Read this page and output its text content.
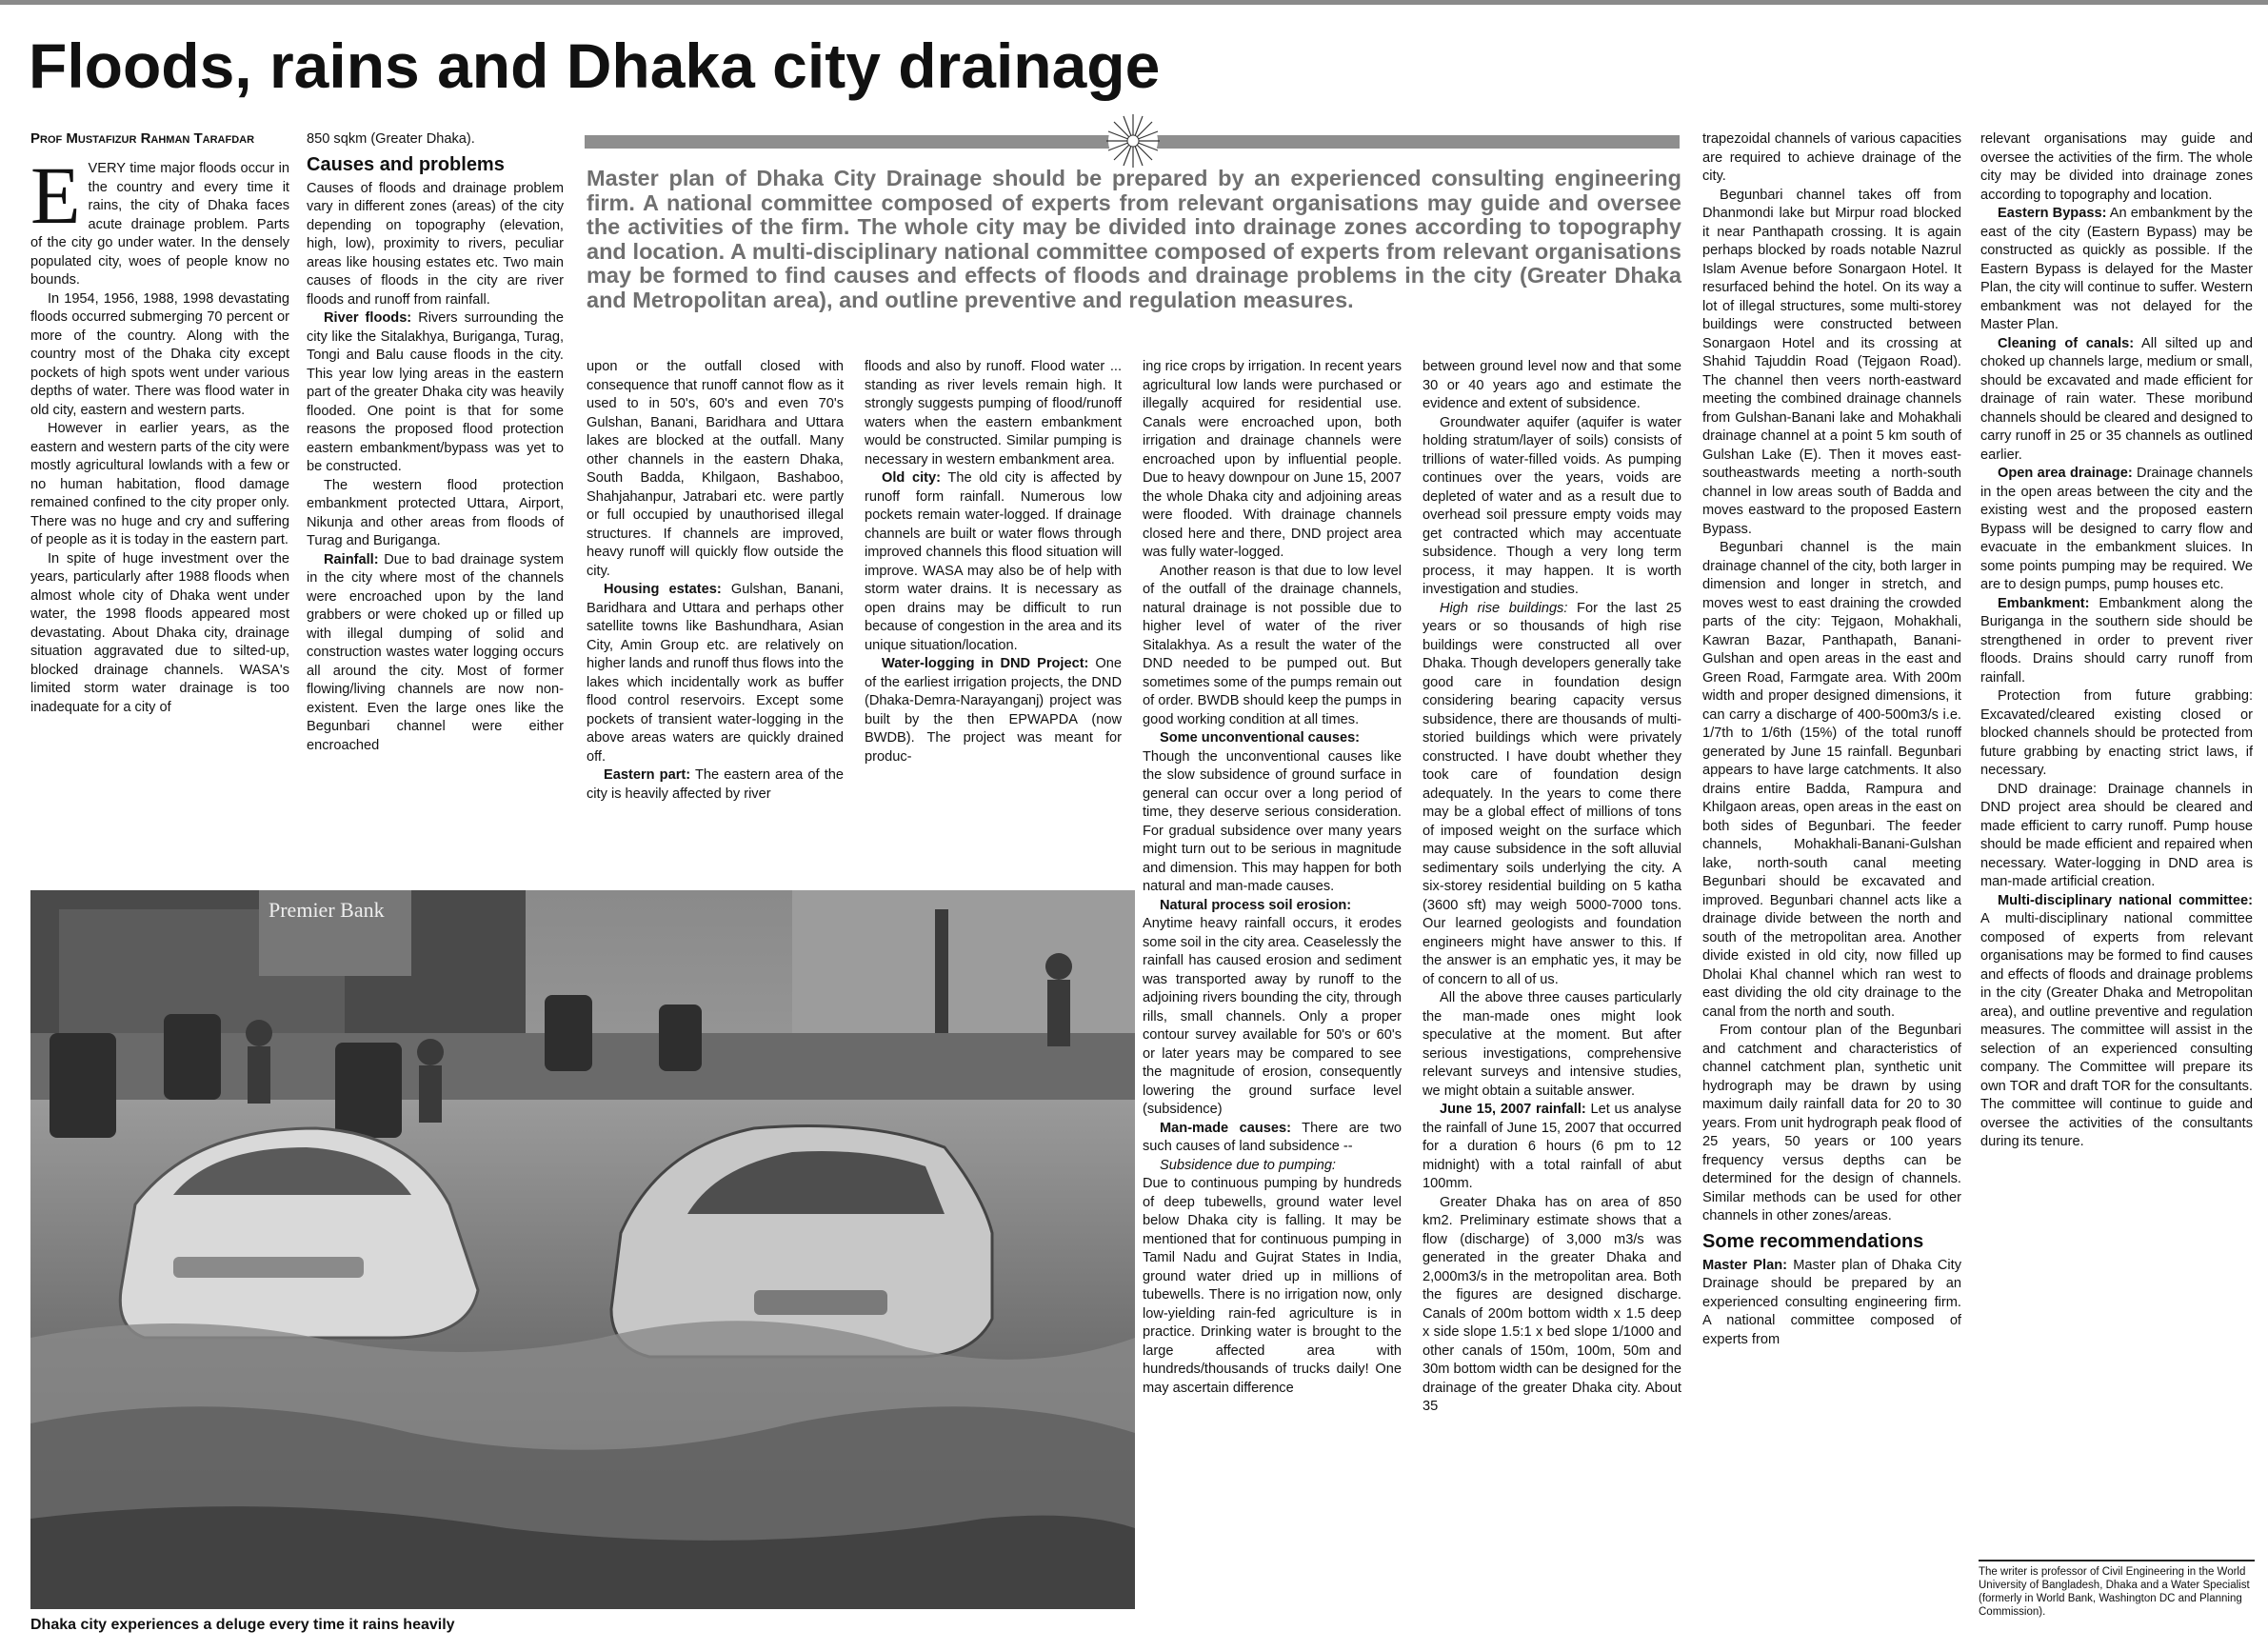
Floods, rains and Dhaka city drainage
Prof Mustafizur Rahman Tarafdar
E VERY time major floods occur in the country and every time it rains, the city of Dhaka faces acute drainage problem. Parts of the city go under water. In the densely populated city, woes of people know no bounds.

In 1954, 1956, 1988, 1998 devastating floods occurred submerging 70 percent or more of the country. Along with the country most of the Dhaka city except pockets of high spots went under various depths of water. There was flood water in old city, eastern and western parts.

However in earlier years, as the eastern and western parts of the city were mostly agricultural lowlands with a few or no human habitation, flood damage remained confined to the city proper only. There was no huge and cry and suffering of people as it is today in the eastern part.

In spite of huge investment over the years, particularly after 1988 floods when almost whole city of Dhaka went under water, the 1998 floods appeared most devastating. About Dhaka city, drainage situation aggravated due to silted-up, blocked drainage channels. WASA's limited storm water drainage is too inadequate for a city of

850 sqkm (Greater Dhaka).

Causes and problems

Causes of floods and drainage problem vary in different zones (areas) of the city depending on topography (elevation, high, low), proximity to rivers, peculiar areas like housing estates etc. Two main causes of floods in the city are river floods and runoff from rainfall.

River floods: Rivers surrounding the city like the Sitalakhya, Buriganga, Turag, Tongi and Balu cause floods in the city. This year low lying areas in the eastern part of the greater Dhaka city was heavily flooded. One point is that for some reasons the proposed flood protection eastern embankment/bypass was yet to be constructed.

The western flood protection embankment protected Uttara, Airport, Nikunja and other areas from floods of Turag and Buriganga.

Rainfall: Due to bad drainage system in the city where most of the channels were encroached upon by the land grabbers or were choked up or filled up with illegal dumping of solid and construction wastes water logging occurs all around the city. Most of former flowing/living channels are now non-existent. Even the large ones like the Begunbari channel were either encroached

Master plan of Dhaka City Drainage should be prepared by an experienced consulting engineering firm. A national committee composed of experts from relevant organisations may guide and oversee the activities of the firm. The whole city may be divided into drainage zones according to topography and location. A multi-disciplinary national committee composed of experts from relevant organisations may be formed to find causes and effects of floods and drainage problems in the city (Greater Dhaka and Metropolitan area), and outline preventive and regulation measures.

upon or the outfall closed with consequence that runoff cannot flow as it used to in 50's, 60's and even 70's Gulshan, Banani, Baridhara and Uttara lakes are blocked at the outfall. Many other channels in the eastern Dhaka, South Badda, Khilgaon, Bashaboo, Shahjahanpur, Jatrabari etc. were partly or full occupied by unauthorised illegal structures. If channels are improved, heavy runoff will quickly flow outside the city.

Housing estates: Gulshan, Banani, Baridhara and Uttara and perhaps other satellite towns like Bashundhara, Asian City, Amin Group etc. are relatively on higher lands and runoff thus flows into the lakes which incidentally work as buffer flood control reservoirs. Except some pockets of transient water-logging in the above areas waters are quickly drained off.

Eastern part: The eastern area of the city is heavily affected by river

floods and also by runoff. Flood water ... standing as river levels remain high. It strongly suggests pumping of flood/runoff waters when the eastern embankment would be constructed. Similar pumping is necessary in western embankment area.

Old city: The old city is affected by runoff form rainfall. Numerous low pockets remain water-logged. If drainage channels are built or water flows through improved channels this flood situation will improve. WASA may also be of help with storm water drains. It is necessary as open drains may be difficult to run because of congestion in the area and its unique situation/location.

Water-logging in DND Project: One of the earliest irrigation projects, the DND (Dhaka-Demra-Narayanganj) project was built by the then EPWAPDA (now BWDB). The project was meant for produc-

ing rice crops by irrigation. In recent years agricultural low lands were purchased or illegally acquired for residential use. Canals were encroached upon, both irrigation and drainage channels were encroached upon by influential people. Due to heavy downpour on June 15, 2007 the whole Dhaka city and adjoining areas were flooded. With drainage channels closed here and there, DND project area was fully water-logged.

Another reason is that due to low level of the outfall of the drainage channels, natural drainage is not possible due to higher level of water of the river Sitalakhya. As a result the water of the DND needed to be pumped out. But sometimes some of the pumps remain out of order. BWDB should keep the pumps in good working condition at all times.

Some unconventional causes:

Though the unconventional causes like the slow subsidence of ground surface in general can occur over a long period of time, they deserve serious consideration. For gradual subsidence over many years might turn out to be serious in magnitude and dimension. This may happen for both natural and man-made causes.

Natural process soil erosion:

Anytime heavy rainfall occurs, it erodes some soil in the city area. Ceaselessly the rainfall has caused erosion and sediment was transported away by runoff to the adjoining rivers bounding the city, through rills, small channels. Only a proper contour survey available for 50's or 60's or later years may be compared to see the magnitude of erosion, consequently lowering the ground surface level (subsidence)

Man-made causes: There are two such causes of land subsidence --

Subsidence due to pumping:

Due to continuous pumping by hundreds of deep tubewells, ground water level below Dhaka city is falling. It may be mentioned that for continuous pumping in Tamil Nadu and Gujrat States in India, ground water dried up in millions of tubewells. There is no irrigation now, only low-yielding rain-fed agriculture is in practice. Drinking water is brought to the large affected area with hundreds/thousands of trucks daily! One may ascertain difference

between ground level now and that some 30 or 40 years ago and estimate the evidence and extent of subsidence.

Groundwater aquifer (aquifer is water holding stratum/layer of soils) consists of trillions of water-filled voids. As pumping continues over the years, voids are depleted of water and as a result due to overhead soil pressure empty voids may get contracted which may accentuate subsidence. Though a very long term process, it may happen. It is worth investigation and studies.

High rise buildings: For the last 25 years or so thousands of high rise buildings were constructed all over Dhaka. Though developers generally take good care in foundation design considering bearing capacity versus subsidence, there are thousands of multi-storied buildings which were privately constructed. I have doubt whether they took care of foundation design adequately. In the years to come there may be a global effect of millions of tons of imposed weight on the surface which may cause subsidence in the soft alluvial sedimentary soils underlying the city. A six-storey residential building on 5 katha (3600 sft) may weigh 5000-7000 tons. Our learned geologists and foundation engineers might have answer to this. If the answer is an emphatic yes, it may be of concern to all of us.

All the above three causes particularly the man-made ones might look speculative at the moment. But after serious investigations, comprehensive relevant surveys and intensive studies, we might obtain a suitable answer.

June 15, 2007 rainfall: Let us analyse the rainfall of June 15, 2007 that occurred for a duration 6 hours (6 pm to 12 midnight) with a total rainfall of abut 100mm.

Greater Dhaka has on area of 850 km2. Preliminary estimate shows that a flow (discharge) of 3,000 m3/s was generated in the greater Dhaka and 2,000m3/s in the metropolitan area. Both the figures are designed discharge. Canals of 200m bottom width x 1.5 deep x side slope 1.5:1 x bed slope 1/1000 and other canals of 150m, 100m, 50m and 30m bottom width can be designed for the drainage of the greater Dhaka city. About 35

trapezoidal channels of various capacities are required to achieve drainage of the city.

Begunbari channel takes off from Dhanmondi lake but Mirpur road blocked it near Panthapath crossing. It is again perhaps blocked by roads notable Nazrul Islam Avenue before Sonargaon Hotel. It resurfaced behind the hotel. On its way a lot of illegal structures, some multi-storey buildings were constructed between Sonargaon Hotel and its crossing at Shahid Tajuddin Road (Tejgaon Road). The channel then veers north-eastward meeting the combined drainage channels from Gulshan-Banani lake and Mohakhali drainage channel at a point 5 km south of Gulshan Lake (E). Then it moves east-southeastwards meeting a north-south channel in low areas south of Badda and moves eastward to the proposed Eastern Bypass.

Begunbari channel is the main drainage channel of the city, both larger in dimension and longer in stretch, and moves west to east draining the crowded parts of the city: Tejgaon, Mohakhali, Kawran Bazar, Panthapath, Banani-Gulshan and open areas in the east and Green Road, Farmgate area. With 200m width and proper designed dimensions, it can carry a discharge of 400-500m3/s i.e. 1/7th to 1/6th (15%) of the total runoff generated by June 15 rainfall. Begunbari appears to have large catchments. It also drains entire Badda, Rampura and Khilgaon areas, open areas in the east on both sides of Begunbari. The feeder channels, Mohakhali-Banani-Gulshan lake, north-south canal meeting Begunbari should be excavated and improved. Begunbari channel acts like a drainage divide between the north and south of the metropolitan area. Another divide existed in old city, now filled up Dholai Khal channel which ran west to east dividing the old city drainage to the canal from the north and south.

From contour plan of the Begunbari and catchment and characteristics of channel catchment plan, synthetic unit hydrograph may be drawn by using maximum daily rainfall data for 20 to 30 years. From unit hydrograph peak flood of 25 years, 50 years or 100 years frequency versus depths can be determined for the design of channels. Similar methods can be used for other channels in other zones/areas.

Some recommendations

Master Plan: Master plan of Dhaka City Drainage should be prepared by an experienced consulting engineering firm. A national committee composed of experts from

relevant organisations may guide and oversee the activities of the firm. The whole city may be divided into drainage zones according to topography and location.

Eastern Bypass: An embankment by the east of the city (Eastern Bypass) may be constructed as quickly as possible. If the Eastern Bypass is delayed for the Master Plan, the city will continue to suffer. Western embankment was not delayed for the Master Plan.

Cleaning of canals: All silted up and choked up channels large, medium or small, should be excavated and made efficient for drainage of rain water. These moribund channels should be cleared and designed to carry runoff in 25 or 35 channels as outlined earlier.

Open area drainage: Drainage channels in the open areas between the city and the existing west and the proposed eastern Bypass will be designed to carry flow and evacuate in the embankment sluices. In some points pumping may be required. We are to design pumps, pump houses etc.

Embankment: Embankment along the Buriganga in the southern side should be strengthened in order to prevent river floods. Drains should carry runoff from rainfall.

Protection from future grabbing: Excavated/cleared existing closed or blocked channels should be protected from future grabbing by enacting strict laws, if necessary.

DND drainage: Drainage channels in DND project area should be cleared and made efficient to carry runoff. Pump house should be made efficient and repaired when necessary. Water-logging in DND area is man-made artificial creation.

Multi-disciplinary national committee: A multi-disciplinary national committee composed of experts from relevant organisations may be formed to find causes and effects of floods and drainage problems in the city (Greater Dhaka and Metropolitan area), and outline preventive and regulation measures. The committee will assist in the selection of an experienced consulting company. The Committee will prepare its own TOR and draft TOR for the consultants. The committee will continue to guide and oversee the activities of the consultants during its tenure.

The writer is professor of Civil Engineering in the World University of Bangladesh, Dhaka and a Water Specialist (formerly in World Bank, Washington DC and Planning Commission).
Premier Bank
Dhaka city experiences a deluge every time it rains heavily
